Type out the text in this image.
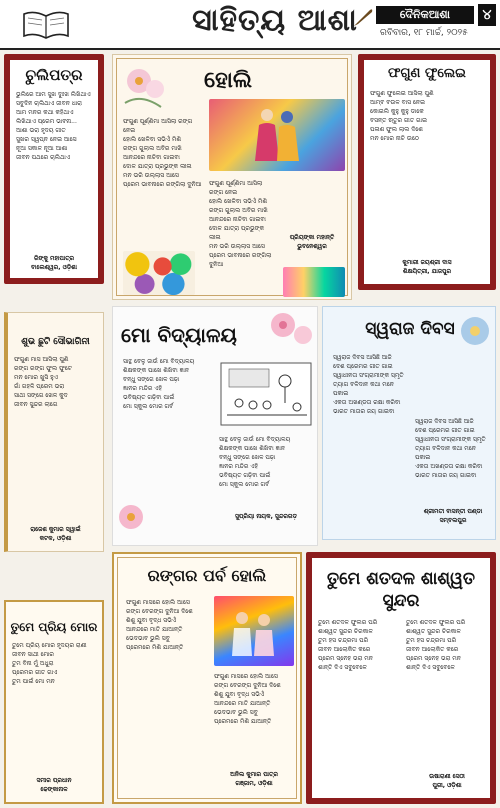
ସାହିତ୍ୟ ଆଶା	ଦୈନିକଆଶା
ରବିବାର, ୧୮ ମାର୍ଚ୍ଚ, ୨୦୨୫
୪
ଚୁଲିପତ୍ର
ଭୁଲିରେ ଆମ ସୁଖ ଦୁଃଖ ଲିଖିଥାଏ
ସବୁଦିନ ଚାଲିଥାଏ ଜୀବନ ଧାରା
ଆମ ମନର କଥା କହିଥାଏ
ଲିଖିଥାଏ ପ୍ରେମ ଭାବନା...
ଆଶା ଭରା ହୃଦୟ ଗୀତ
ସୁଖର ସ୍ୱପ୍ନ ନେଇ ଆସେ
ନୂଆ ସକାଳ ନୂଆ ଆଶା
ଜୀବନ ପଥରେ ଚାଲିଥାଏ
ରିଙ୍କୁ ମହାପାତ୍ର
ବାଲେଶ୍ୱର, ଓଡ଼ିଶା
ହୋଲି
ଫଗୁଣ ପୂର୍ଣ୍ଣିମା ଆସିଲା ରଙ୍ଗ ନେଇ
ହୋଲି ଖେଳିବା ସଭିଏଁ ମିଶି
ରଙ୍ଗ ଗୁଲାଲ ଅବିର ମାଖି
ଆନନ୍ଦରେ ନାଚିବା ଗାଇବା
ଦୋଳ ଯାତ୍ରା ପ୍ରଭୁଙ୍କ ଲୀଳା
ମନ ଭରି ଉଲ୍ଲାସ ଆସେ
ପ୍ରେମ ଭାବନାରେ ରଙ୍ଗିଲା ଦୁନିଆ	ଫଗୁଣ ପୂର୍ଣ୍ଣିମା ଆସିଲା ରଙ୍ଗ ନେଇ
ହୋଲି ଖେଳିବା ସଭିଏଁ ମିଶି
ରଙ୍ଗ ଗୁଲାଲ ଅବିର ମାଖି
ଆନନ୍ଦରେ ନାଚିବା ଗାଇବା
ଦୋଳ ଯାତ୍ରା ପ୍ରଭୁଙ୍କ ଲୀଳା
ମନ ଭରି ଉଲ୍ଲାସ ଆସେ
ପ୍ରେମ ଭାବନାରେ ରଙ୍ଗିଲା ଦୁନିଆ
ପ୍ରିୟଙ୍କା ମହାନ୍ତି
ଭୁବନେଶ୍ୱର
ଫଗୁଣ ଫୁଲେଇ
ଫଗୁଣ ଫୁଲେଇ ଆସିଲା ପୁଣି
ଆମ୍ବ ବଉଳ ବାସ ନେଇ
କୋଇଲି କୁହୁ କୁହୁ ଡାକେ
ବସନ୍ତ ଋତୁର ଗୀତ ଗାଇ
ପଳାଶ ଫୁଲ ଲାଲ ଦିଶେ
ମନ ମୋର ନାଚି ଉଠେ
କୁମାରୀ ଜୟଶ୍ରୀ ଦାସ
ଶିକ୍ଷୟିତ୍ରୀ, ଯାଜପୁର
ଶୁଭ ଛୁଟି ସୌଭାଗିନୀ
ଫଗୁଣ ମାସ ଆସିଲା ପୁଣି
ରଙ୍ଗ ରଙ୍ଗ ଫୁଲ ଫୁଟେ
ମନ ମୋର ଖୁସି ହୁଏ
ଗାଁ ଗହଳି ପ୍ରେମ ଭରା
ସାଥୀ ସଙ୍ଗେ ଖେଳ କୁଦ
ଜୀବନ ସୁନ୍ଦର ଲାଗେ
ରାଜେଶ କୁମାର ସ୍ୱାଇଁ
କଟକ, ଓଡ଼ିଶା
ମୋ ବିଦ୍ୟାଳୟ
ସାନ୍ଥ ବେଳୁ ଜାଉଁ ମୋ ବିଦ୍ୟାଳୟ
ଶିକ୍ଷକଙ୍କ ପାଖେ ଶିଖିବା ଜ୍ଞାନ
ବନ୍ଧୁ ସଙ୍ଗେ ଖେଳ ପଢ଼ା
ଜ୍ଞାନର ମନ୍ଦିର ଏହି
ଭବିଷ୍ୟତ ଗଢ଼ିବା ପାଇଁ
ମୋ ସ୍କୁଲ ମୋର ଗର୍ବ
ସାନ୍ଥ ବେଳୁ ଜାଉଁ ମୋ ବିଦ୍ୟାଳୟ
ଶିକ୍ଷକଙ୍କ ପାଖେ ଶିଖିବା ଜ୍ଞାନ
ବନ୍ଧୁ ସଙ୍ଗେ ଖେଳ ପଢ଼ା
ଜ୍ଞାନର ମନ୍ଦିର ଏହି
ଭବିଷ୍ୟତ ଗଢ଼ିବା ପାଇଁ
ମୋ ସ୍କୁଲ ମୋର ଗର୍ବ
ସୁପ୍ରିୟା ନାୟକ, ସୁନ୍ଦରଗଡ଼
ସ୍ୱରାଜ ଦିବସ
ସ୍ୱରାଜ ଦିବସ ଆସିଛି ଆଜି
ଦେଶ ପ୍ରେମର ଗୀତ ଗାଇ
ସ୍ୱାଧୀନତା ସଂଗ୍ରାମୀଙ୍କ ସ୍ମୃତି
ତ୍ୟାଗ ବଳିଦାନ କଥା ମନେ ପକାଇ
ଏକତା ଅଖଣ୍ଡତା ରକ୍ଷା କରିବା
ଭାରତ ମାତାର ଜୟ ଗାଇବା
ସ୍ୱରାଜ ଦିବସ ଆସିଛି ଆଜି
ଦେଶ ପ୍ରେମର ଗୀତ ଗାଇ
ସ୍ୱାଧୀନତା ସଂଗ୍ରାମୀଙ୍କ ସ୍ମୃତି
ତ୍ୟାଗ ବଳିଦାନ କଥା ମନେ ପକାଇ
ଏକତା ଅଖଣ୍ଡତା ରକ୍ଷା କରିବା
ଭାରତ ମାତାର ଜୟ ଗାଇବା
ଶ୍ରୀମତୀ ବାସନ୍ତୀ ପଣ୍ଡା
ସମ୍ବଲପୁର
ରଙ୍ଗର ପର୍ବ ହୋଲି
ଫଗୁଣ ମାସରେ ହୋଲି ଆସେ
ରଙ୍ଗ ବେରଙ୍ଗ ଦୁନିଆ ଦିଶେ
ଶିଶୁ ଯୁବା ବୃଦ୍ଧ ସଭିଏଁ
ଆନନ୍ଦରେ ମାତି ଯାଆନ୍ତି
ଭେଦଭାବ ଭୁଲି ସବୁ
ପ୍ରେମରେ ମିଶି ଯାଆନ୍ତି
ଫଗୁଣ ମାସରେ ହୋଲି ଆସେ
ରଙ୍ଗ ବେରଙ୍ଗ ଦୁନିଆ ଦିଶେ
ଶିଶୁ ଯୁବା ବୃଦ୍ଧ ସଭିଏଁ
ଆନନ୍ଦରେ ମାତି ଯାଆନ୍ତି
ଭେଦଭାବ ଭୁଲି ସବୁ
ପ୍ରେମରେ ମିଶି ଯାଆନ୍ତି
ଅନିଲ କୁମାର ପାତ୍ର
ଗଞ୍ଜାମ, ଓଡ଼ିଶା
ତୁମେ ପ୍ରିୟ ମୋର
ତୁମେ ପ୍ରିୟ ମୋର ହୃଦୟର ରାଣୀ
ଜୀବନ ସାଥୀ ମୋର
ତୁମ ବିନା ମୁଁ ଅଧୁରା
ପ୍ରେମର ଗୀତ ଗାଏ
ତୁମ ପାଇଁ ମୋ ମନ
ସମୀର ପ୍ରଧାନ
ଢେଙ୍କାନାଳ
ତୁମେ ଶତଦଳ ଶାଶ୍ୱତ ସୁନ୍ଦର
ତୁମେ ଶତଦଳ ଫୁଲର ପରି
ଶାଶ୍ୱତ ସୁନ୍ଦର ଚିରକାଳ
ତୁମ ହସ ଚନ୍ଦ୍ରମା ପରି
ଜୀବନ ଆଲୋକିତ କରେ
ପ୍ରେମ ସ୍ନେହ ଭରା ମନ
ଶାନ୍ତି ଦିଏ ସବୁବେଳେ
ତୁମେ ଶତଦଳ ଫୁଲର ପରି
ଶାଶ୍ୱତ ସୁନ୍ଦର ଚିରକାଳ
ତୁମ ହସ ଚନ୍ଦ୍ରମା ପରି
ଜୀବନ ଆଲୋକିତ କରେ
ପ୍ରେମ ସ୍ନେହ ଭରା ମନ
ଶାନ୍ତି ଦିଏ ସବୁବେଳେ
ଉଷାରାଣୀ ସେଠୀ
ପୁରୀ, ଓଡ଼ିଶା
